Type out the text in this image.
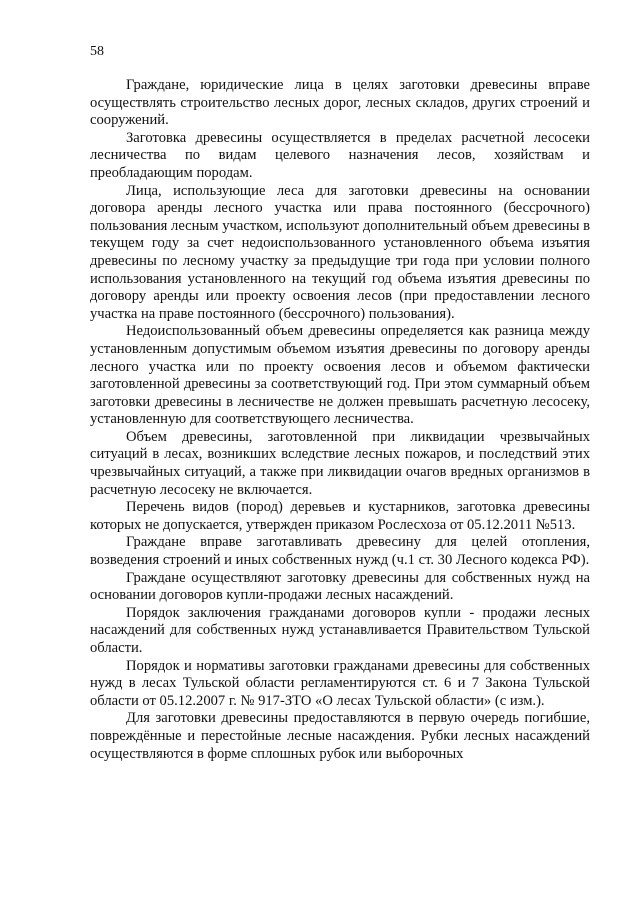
58

Граждане, юридические лица в целях заготовки древесины вправе осуществлять строительство лесных дорог, лесных складов, других строений и сооружений.

Заготовка древесины осуществляется в пределах расчетной лесосеки лесничества по видам целевого назначения лесов, хозяйствам и преобладающим породам.

Лица, использующие леса для заготовки древесины на основании договора аренды лесного участка или права постоянного (бессрочного) пользования лесным участком, используют дополнительный объем древесины в текущем году за счет недоиспользованного установленного объема изъятия древесины по лесному участку за предыдущие три года при условии полного использования установленного на текущий год объема изъятия древесины по договору аренды или проекту освоения лесов (при предоставлении лесного участка на праве постоянного (бессрочного) пользования).

Недоиспользованный объем древесины определяется как разница между установленным допустимым объемом изъятия древесины по договору аренды лесного участка или по проекту освоения лесов и объемом фактически заготовленной древесины за соответствующий год. При этом суммарный объем заготовки древесины в лесничестве не должен превышать расчетную лесосеку, установленную для соответствующего лесничества.

Объем древесины, заготовленной при ликвидации чрезвычайных ситуаций в лесах, возникших вследствие лесных пожаров, и последствий этих чрезвычайных ситуаций, а также при ликвидации очагов вредных организмов в расчетную лесосеку не включается.

Перечень видов (пород) деревьев и кустарников, заготовка древесины которых не допускается, утвержден приказом Рослесхоза от 05.12.2011 №513.

Граждане вправе заготавливать древесину для целей отопления, возведения строений и иных собственных нужд (ч.1 ст. 30 Лесного кодекса РФ).

Граждане осуществляют заготовку древесины для собственных нужд на основании договоров купли-продажи лесных насаждений.

Порядок заключения гражданами договоров купли - продажи лесных насаждений для собственных нужд устанавливается Правительством Тульской области.

Порядок и нормативы заготовки гражданами древесины для собственных нужд в лесах Тульской области регламентируются ст. 6 и 7 Закона Тульской области от 05.12.2007 г. № 917-ЗТО «О лесах Тульской области» (с изм.).

Для заготовки древесины предоставляются в первую очередь погибшие, повреждённые и перестойные лесные насаждения. Рубки лесных насаждений осуществляются в форме сплошных рубок или выборочных
